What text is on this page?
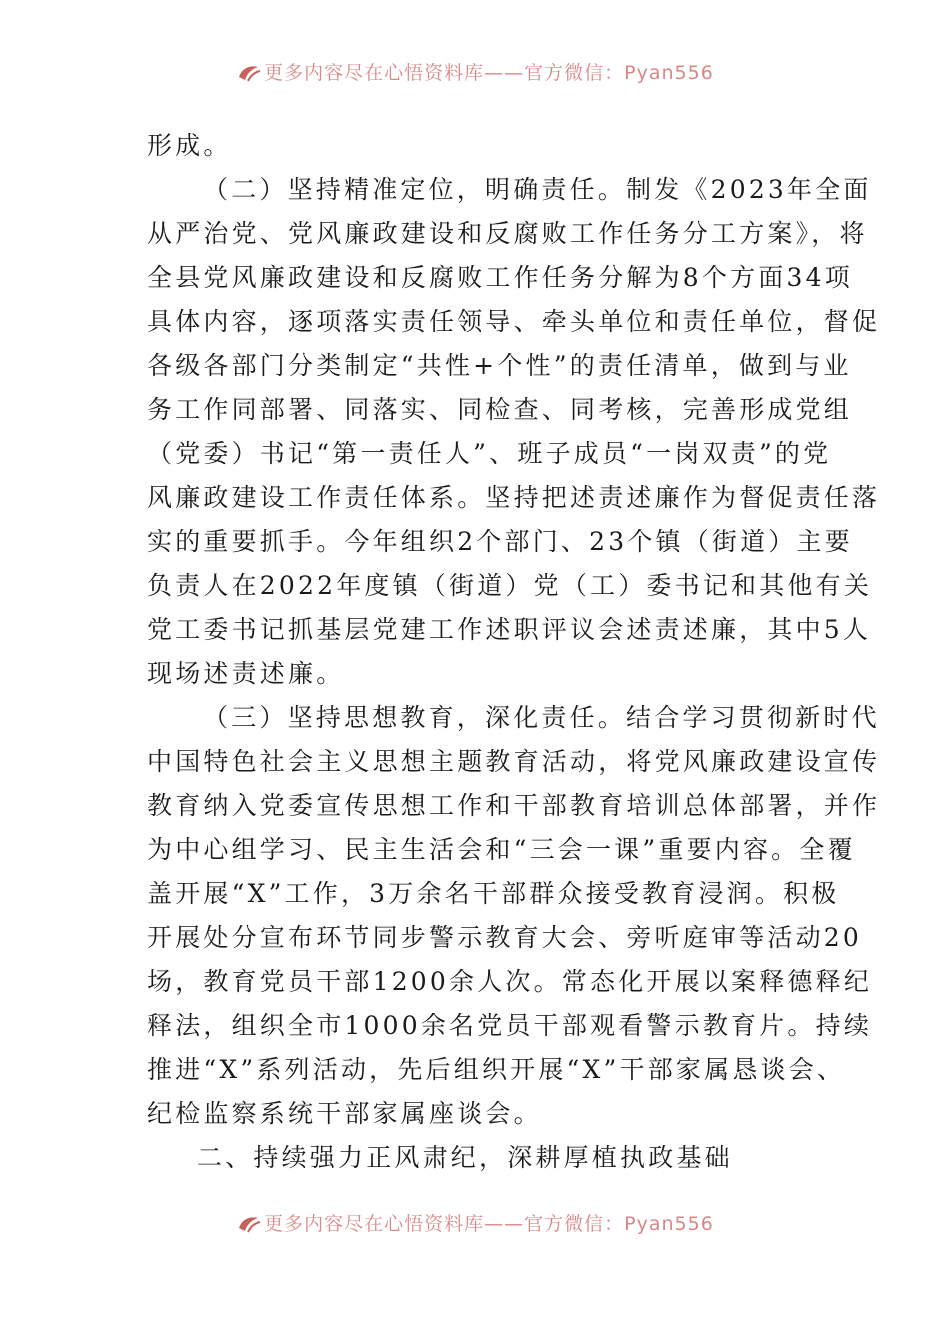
更多内容尽在心悟资料库——官方微信：Pyan556
形成。
（二）坚持精准定位，明确责任。制发《2023年全面
从严治党、党风廉政建设和反腐败工作任务分工方案》，将
全县党风廉政建设和反腐败工作任务分解为8个方面34项
具体内容，逐项落实责任领导、牵头单位和责任单位，督促
各级各部门分类制定“共性+个性”的责任清单，做到与业
务工作同部署、同落实、同检查、同考核，完善形成党组
（党委）书记“第一责任人”、班子成员“一岗双责”的党
风廉政建设工作责任体系。坚持把述责述廉作为督促责任落
实的重要抓手。今年组织2个部门、23个镇（街道）主要
负责人在2022年度镇（街道）党（工）委书记和其他有关
党工委书记抓基层党建工作述职评议会述责述廉，其中5人
现场述责述廉。
（三）坚持思想教育，深化责任。结合学习贯彻新时代
中国特色社会主义思想主题教育活动，将党风廉政建设宣传
教育纳入党委宣传思想工作和干部教育培训总体部署，并作
为中心组学习、民主生活会和“三会一课”重要内容。全覆
盖开展“X”工作，3万余名干部群众接受教育浸润。积极
开展处分宣布环节同步警示教育大会、旁听庭审等活动20
场，教育党员干部1200余人次。常态化开展以案释德释纪
释法，组织全市1000余名党员干部观看警示教育片。持续
推进“X”系列活动，先后组织开展“X”干部家属恳谈会、
纪检监察系统干部家属座谈会。
二、持续强力正风肃纪，深耕厚植执政基础
更多内容尽在心悟资料库——官方微信：Pyan556
